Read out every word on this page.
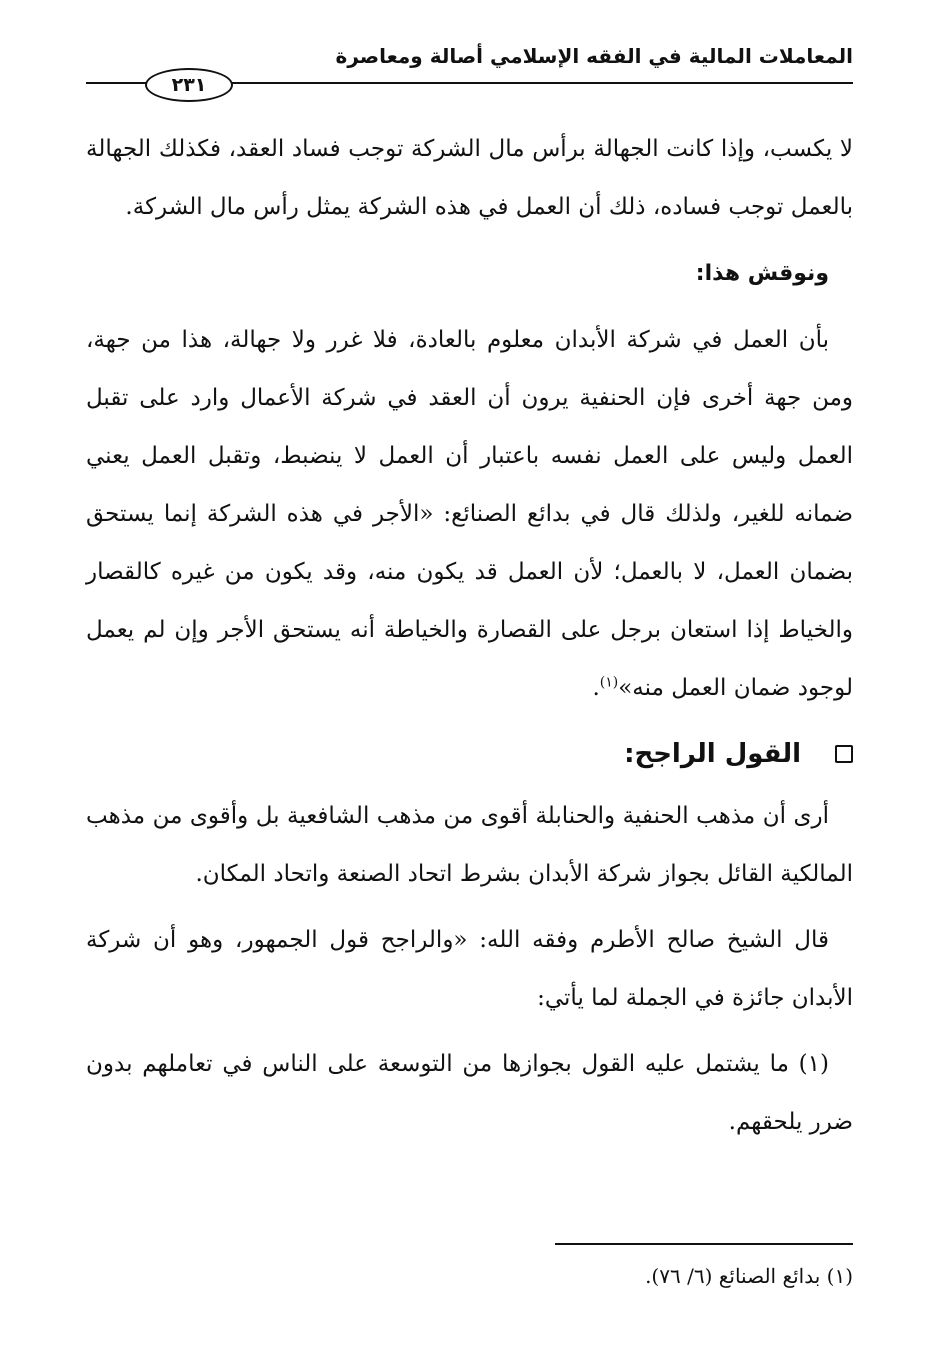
المعاملات المالية في الفقه الإسلامي أصالة ومعاصرة
٢٣١

لا يكسب، وإذا كانت الجهالة برأس مال الشركة توجب فساد العقد، فكذلك الجهالة بالعمل توجب فساده، ذلك أن العمل في هذه الشركة يمثل رأس مال الشركة.

ونوقش هذا:

بأن العمل في شركة الأبدان معلوم بالعادة، فلا غرر ولا جهالة، هذا من جهة، ومن جهة أخرى فإن الحنفية يرون أن العقد في شركة الأعمال وارد على تقبل العمل وليس على العمل نفسه باعتبار أن العمل لا ينضبط، وتقبل العمل يعني ضمانه للغير، ولذلك قال في بدائع الصنائع: «الأجر في هذه الشركة إنما يستحق بضمان العمل، لا بالعمل؛ لأن العمل قد يكون منه، وقد يكون من غيره كالقصار والخياط إذا استعان برجل على القصارة والخياطة أنه يستحق الأجر وإن لم يعمل لوجود ضمان العمل منه»$^{(١)}$.

القول الراجح:

أرى أن مذهب الحنفية والحنابلة أقوى من مذهب الشافعية بل وأقوى من مذهب المالكية القائل بجواز شركة الأبدان بشرط اتحاد الصنعة واتحاد المكان.

قال الشيخ صالح الأطرم وفقه الله: «والراجح قول الجمهور، وهو أن شركة الأبدان جائزة في الجملة لما يأتي:

(١) ما يشتمل عليه القول بجوازها من التوسعة على الناس في تعاملهم بدون ضرر يلحقهم.

(١) بدائع الصنائع (٦/ ٧٦).
